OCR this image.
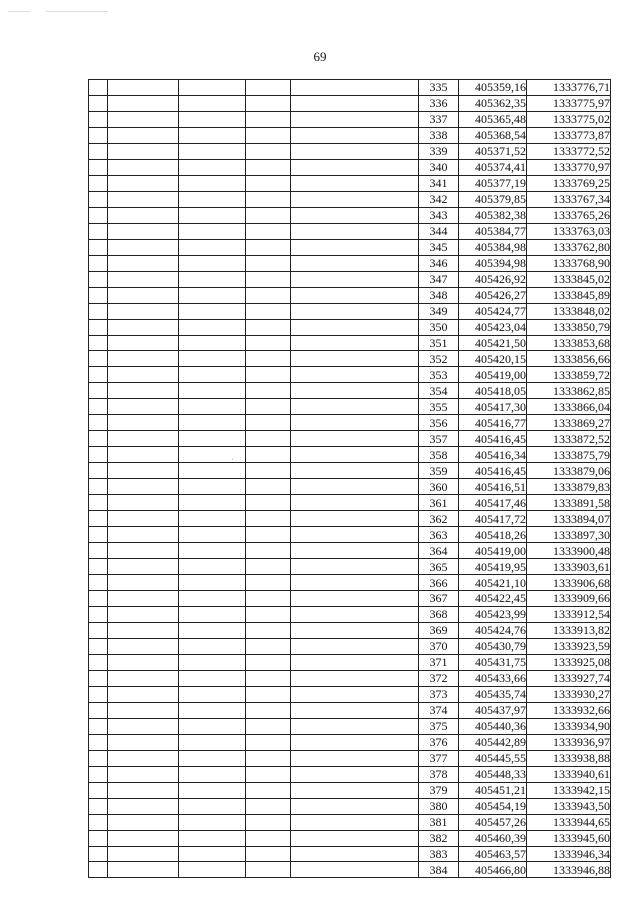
69
					335	405359,16	1333776,71
					336	405362,35	1333775,97
					337	405365,48	1333775,02
					338	405368,54	1333773,87
					339	405371,52	1333772,52
					340	405374,41	1333770,97
					341	405377,19	1333769,25
					342	405379,85	1333767,34
					343	405382,38	1333765,26
					344	405384,77	1333763,03
					345	405384,98	1333762,80
					346	405394,98	1333768,90
					347	405426,92	1333845,02
					348	405426,27	1333845,89
					349	405424,77	1333848,02
					350	405423,04	1333850,79
					351	405421,50	1333853,68
					352	405420,15	1333856,66
					353	405419,00	1333859,72
					354	405418,05	1333862,85
					355	405417,30	1333866,04
					356	405416,77	1333869,27
					357	405416,45	1333872,52
					358	405416,34	1333875,79
					359	405416,45	1333879,06
					360	405416,51	1333879,83
					361	405417,46	1333891,58
					362	405417,72	1333894,07
					363	405418,26	1333897,30
					364	405419,00	1333900,48
					365	405419,95	1333903,61
					366	405421,10	1333906,68
					367	405422,45	1333909,66
					368	405423,99	1333912,54
					369	405424,76	1333913,82
					370	405430,79	1333923,59
					371	405431,75	1333925,08
					372	405433,66	1333927,74
					373	405435,74	1333930,27
					374	405437,97	1333932,66
					375	405440,36	1333934,90
					376	405442,89	1333936,97
					377	405445,55	1333938,88
					378	405448,33	1333940,61
					379	405451,21	1333942,15
					380	405454,19	1333943,50
					381	405457,26	1333944,65
					382	405460,39	1333945,60
					383	405463,57	1333946,34
					384	405466,80	1333946,88
